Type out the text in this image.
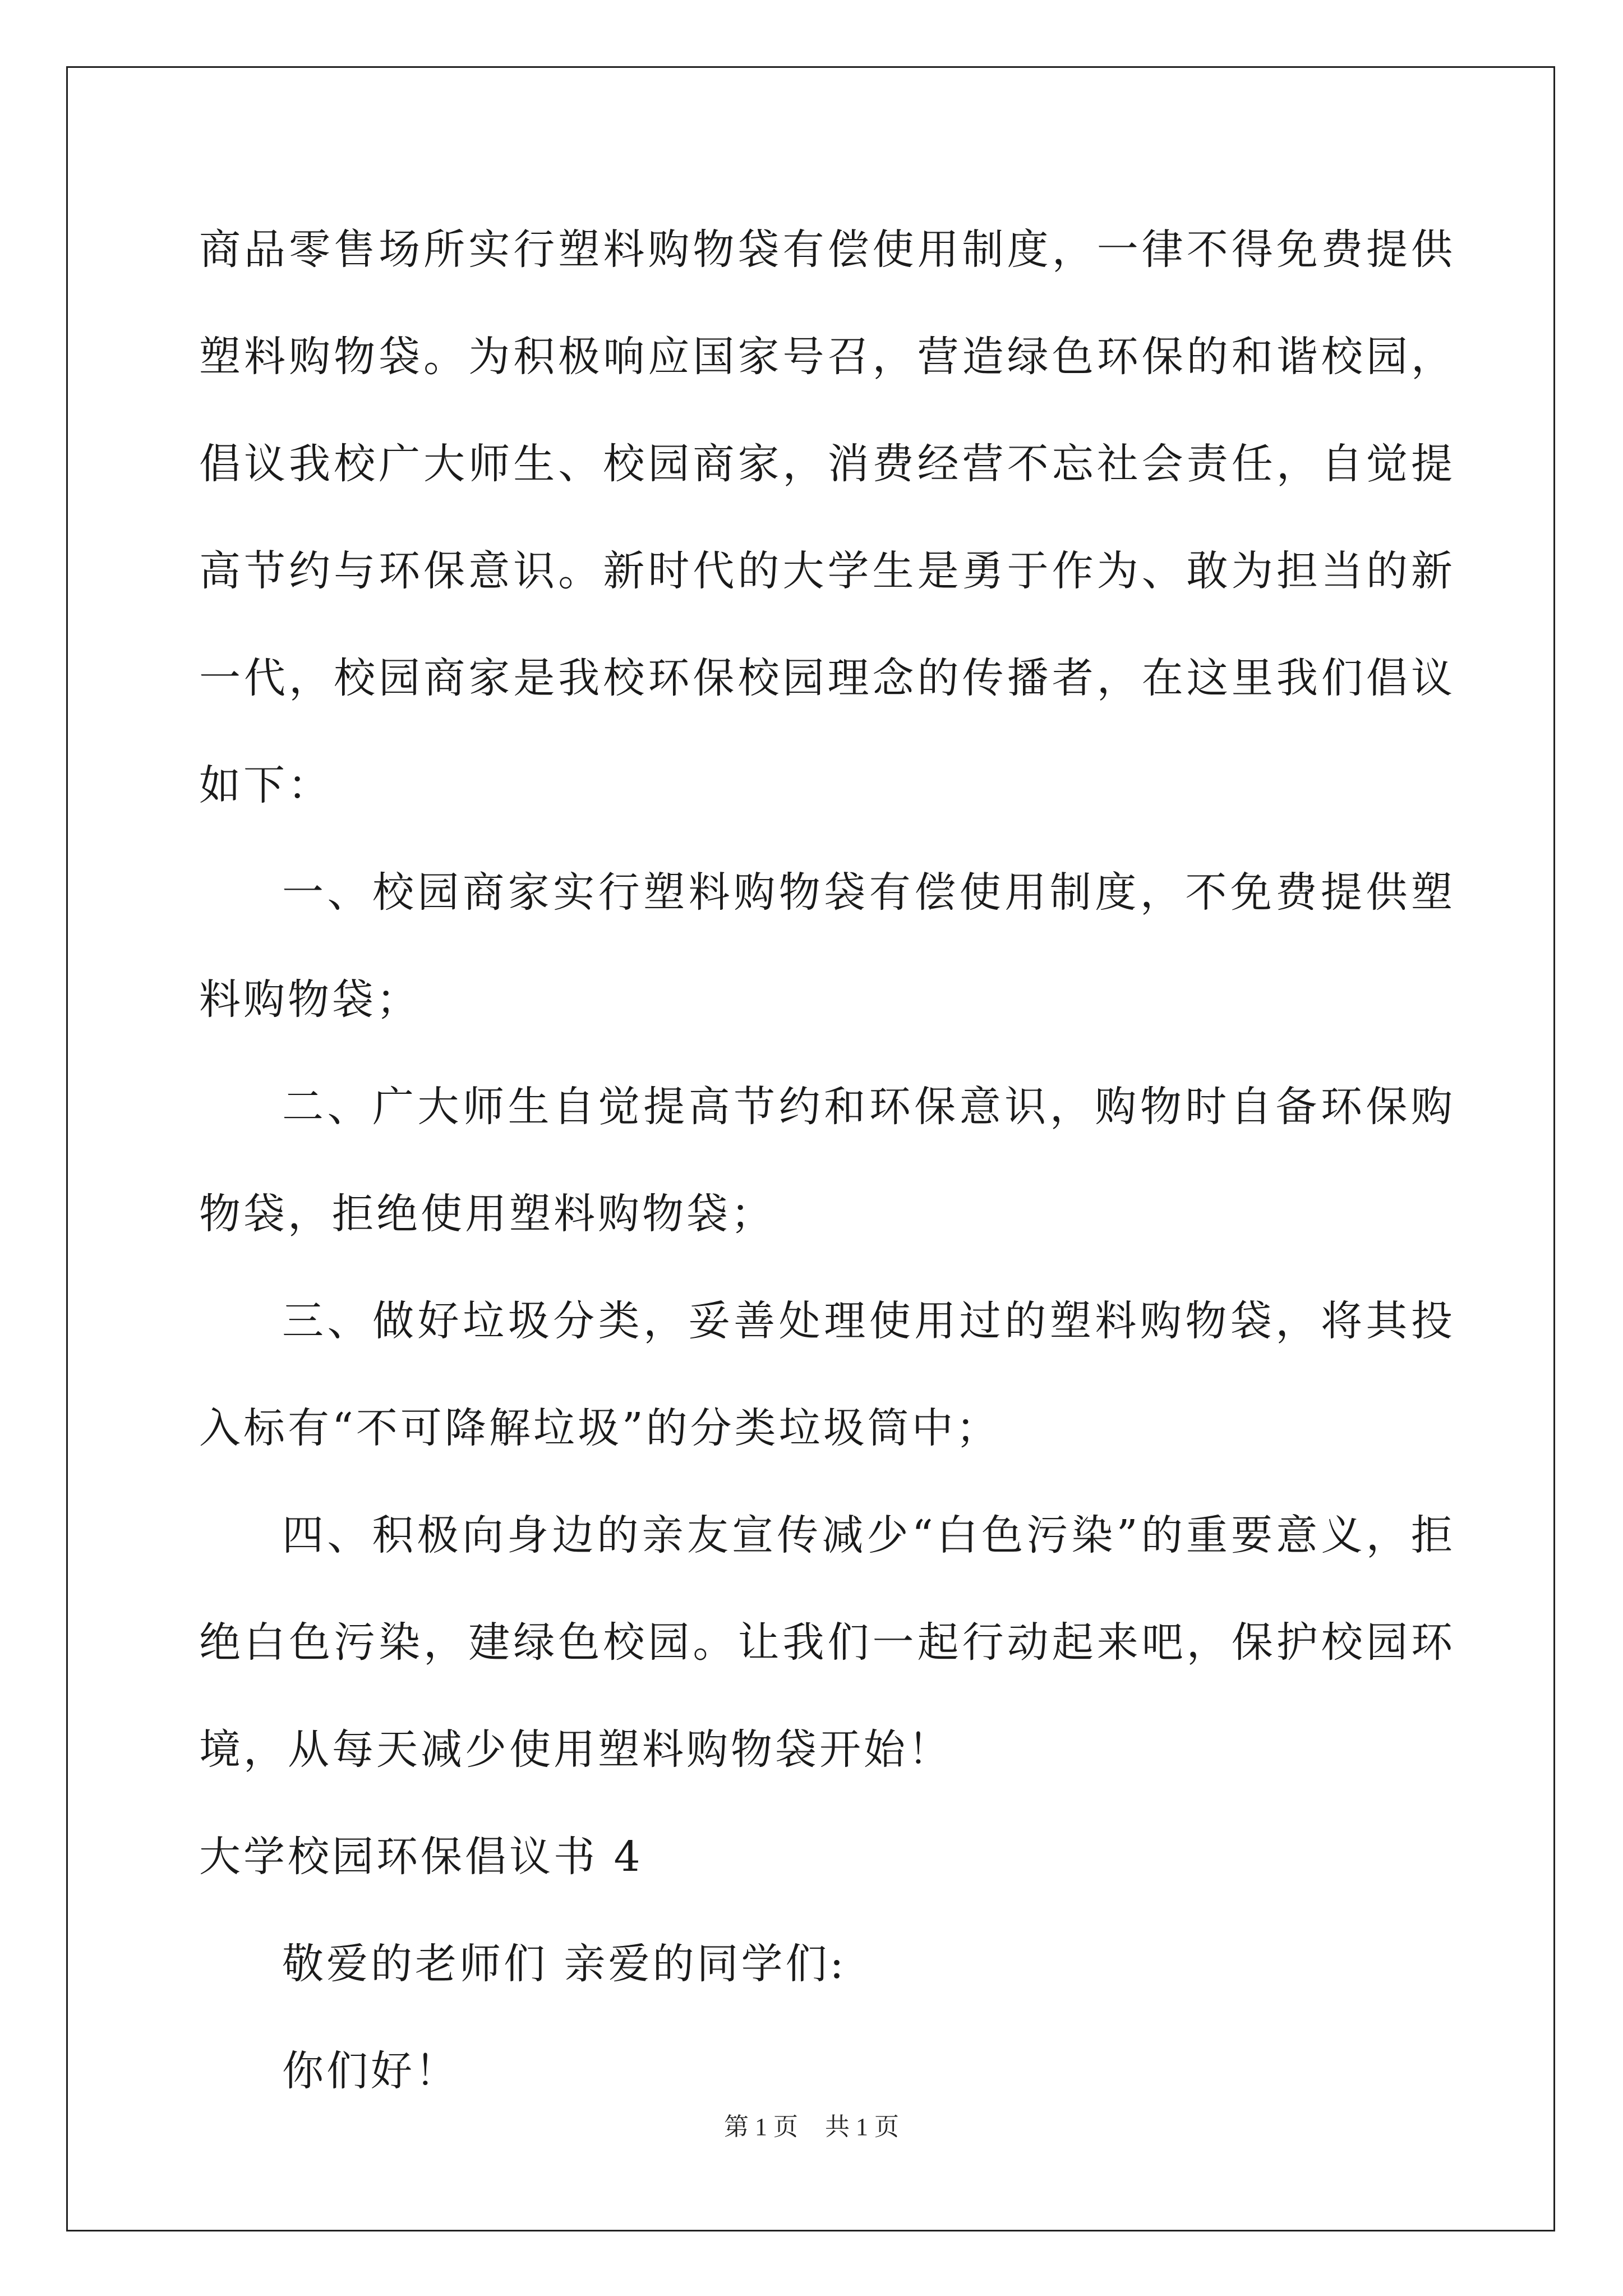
商品零售场所实行塑料购物袋有偿使用制度，一律不得免费提供塑料购物袋。为积极响应国家号召，营造绿色环保的和谐校园，倡议我校广大师生、校园商家，消费经营不忘社会责任，自觉提高节约与环保意识。新时代的大学生是勇于作为、敢为担当的新一代，校园商家是我校环保校园理念的传播者，在这里我们倡议如下：

一、校园商家实行塑料购物袋有偿使用制度，不免费提供塑料购物袋；

二、广大师生自觉提高节约和环保意识，购物时自备环保购物袋，拒绝使用塑料购物袋；

三、做好垃圾分类，妥善处理使用过的塑料购物袋，将其投入标有“不可降解垃圾”的分类垃圾筒中；

四、积极向身边的亲友宣传减少“白色污染”的重要意义，拒绝白色污染，建绿色校园。让我们一起行动起来吧，保护校园环境，从每天减少使用塑料购物袋开始！

大学校园环保倡议书 4

敬爱的老师们 亲爱的同学们:

你们好！

第 1 页 共 1 页
